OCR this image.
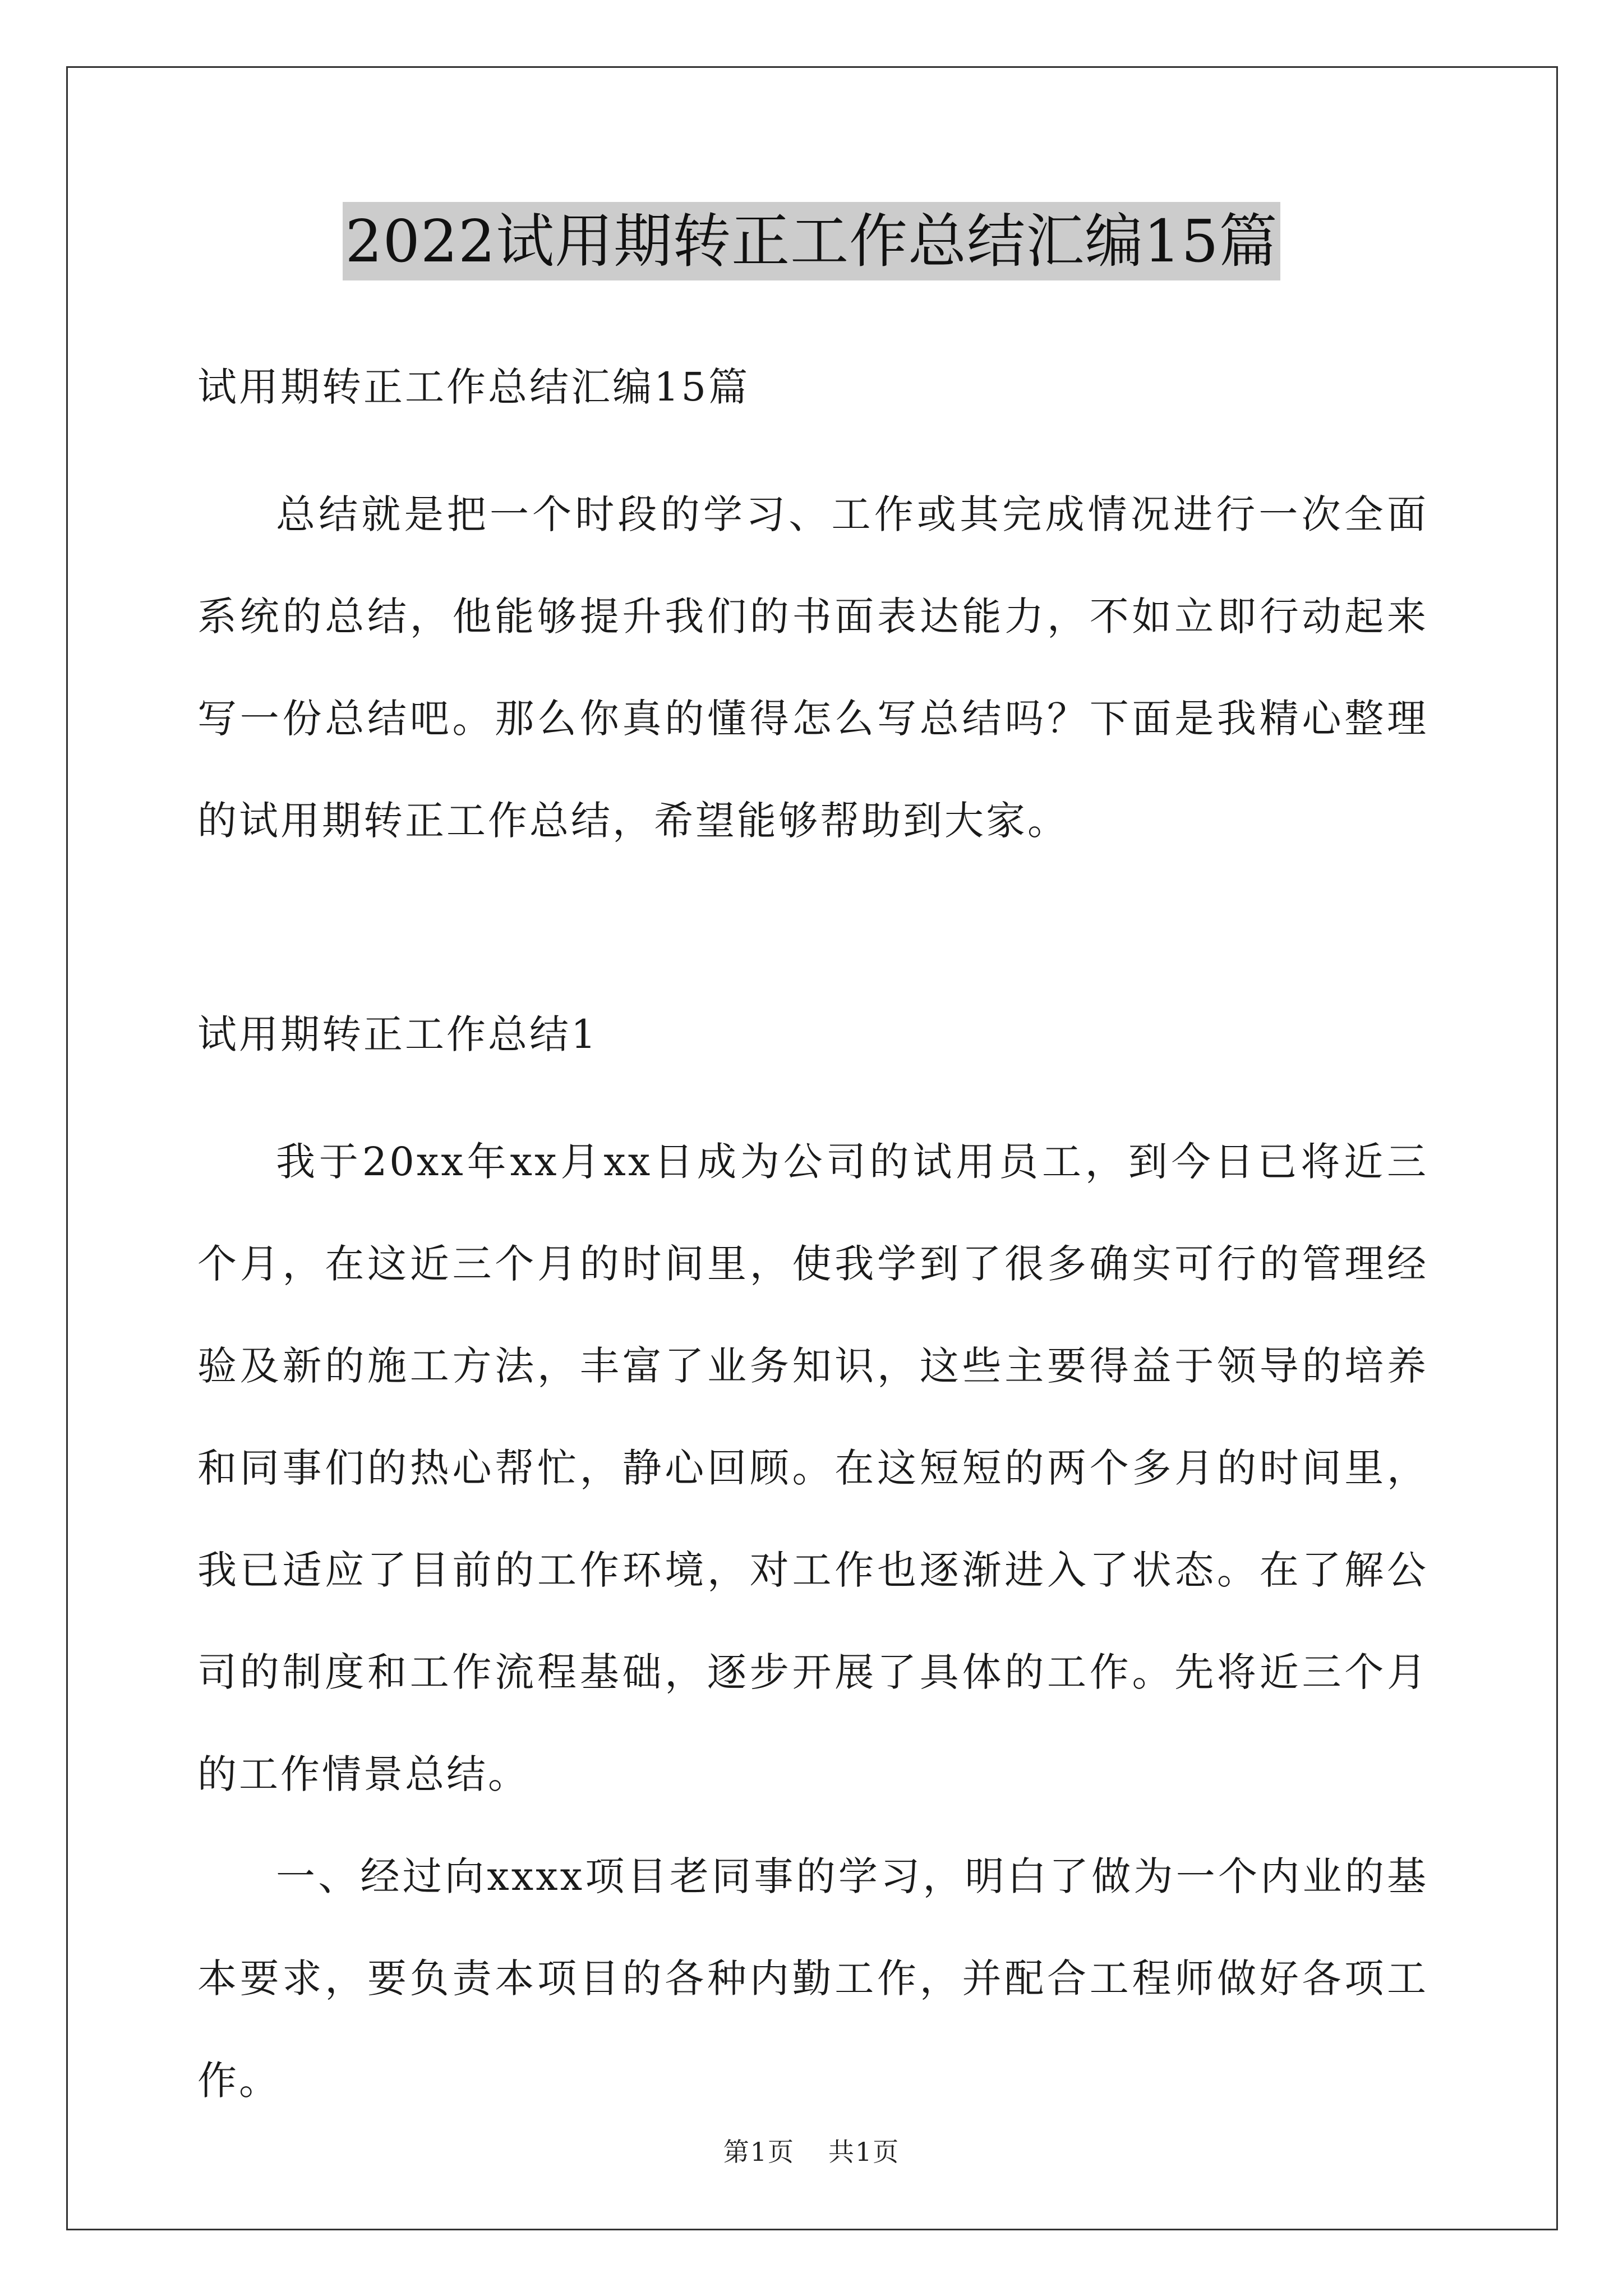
2022试用期转正工作总结汇编15篇

试用期转正工作总结汇编15篇

总结就是把一个时段的学习、工作或其完成情况进行一次全面系统的总结，他能够提升我们的书面表达能力，不如立即行动起来写一份总结吧。那么你真的懂得怎么写总结吗？下面是我精心整理的试用期转正工作总结，希望能够帮助到大家。

试用期转正工作总结1

我于20xx年xx月xx日成为公司的试用员工，到今日已将近三个月，在这近三个月的时间里，使我学到了很多确实可行的管理经验及新的施工方法，丰富了业务知识，这些主要得益于领导的培养和同事们的热心帮忙，静心回顾。在这短短的两个多月的时间里，我已适应了目前的工作环境，对工作也逐渐进入了状态。在了解公司的制度和工作流程基础，逐步开展了具体的工作。先将近三个月的工作情景总结。

一、经过向xxxx项目老同事的学习，明白了做为一个内业的基本要求，要负责本项目的各种内勤工作，并配合工程师做好各项工作。

第1页 共1页
